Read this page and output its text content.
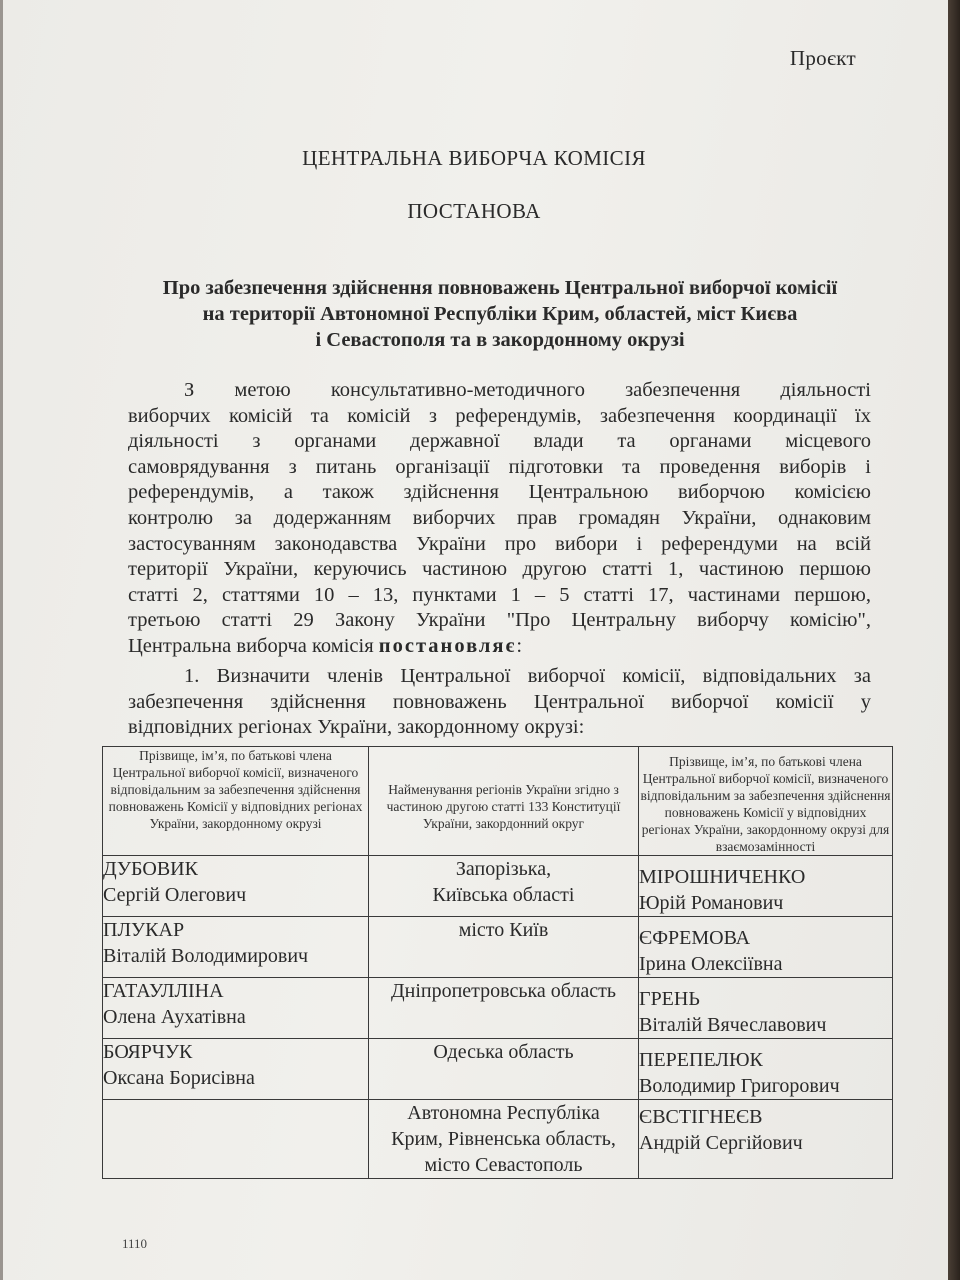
Проєкт
ЦЕНТРАЛЬНА ВИБОРЧА КОМІСІЯ
ПОСТАНОВА
Про забезпечення здійснення повноважень Центральної виборчої комісії
на території Автономної Республіки Крим, областей, міст Києва
і Севастополя та в закордонному окрузі
З метою консультативно-методичного забезпечення діяльності
виборчих комісій та комісій з референдумів, забезпечення координації їх
діяльності з органами державної влади та органами місцевого
самоврядування з питань організації підготовки та проведення виборів і
референдумів, а також здійснення Центральною виборчою комісією
контролю за додержанням виборчих прав громадян України, однаковим
застосуванням законодавства України про вибори і референдуми на всій
території України, керуючись частиною другою статті 1, частиною першою
статті 2, статтями 10 – 13, пунктами 1 – 5 статті 17, частинами першою,
третьою статті 29 Закону України "Про Центральну виборчу комісію",
Центральна виборча комісія постановляє:
1. Визначити членів Центральної виборчої комісії, відповідальних за
забезпечення здійснення повноважень Центральної виборчої комісії у
відповідних регіонах України, закордонному окрузі:
Прізвище, ім’я, по батькові члена Центральної виборчої комісії, визначеного відповідальним за забезпечення здійснення повноважень Комісії у відповідних регіонах України, закордонному окрузі	Найменування регіонів України згідно з частиною другою статті 133 Конституції України, закордонний округ	Прізвище, ім’я, по батькові члена Центральної виборчої комісії, визначеного відповідальним за забезпечення здійснення повноважень Комісії у відповідних регіонах України, закордонному окрузі для взаємозамінності

ДУБОВИК
Сергій Олегович	Запорізька,
Київська області	МІРОШНИЧЕНКО
Юрій Романович

ПЛУКАР
Віталій Володимирович	місто Київ	ЄФРЕМОВА
Ірина Олексіївна

ГАТАУЛЛІНА
Олена Аухатівна	Дніпропетровська область	ГРЕНЬ
Віталій Вячеславович

БОЯРЧУК
Оксана Борисівна	Одеська область	ПЕРЕПЕЛЮК
Володимир Григорович

	Автономна Республіка
Крим, Рівненська область,
місто Севастополь	ЄВСТІГНЕЄВ
Андрій Сергійович
1110
